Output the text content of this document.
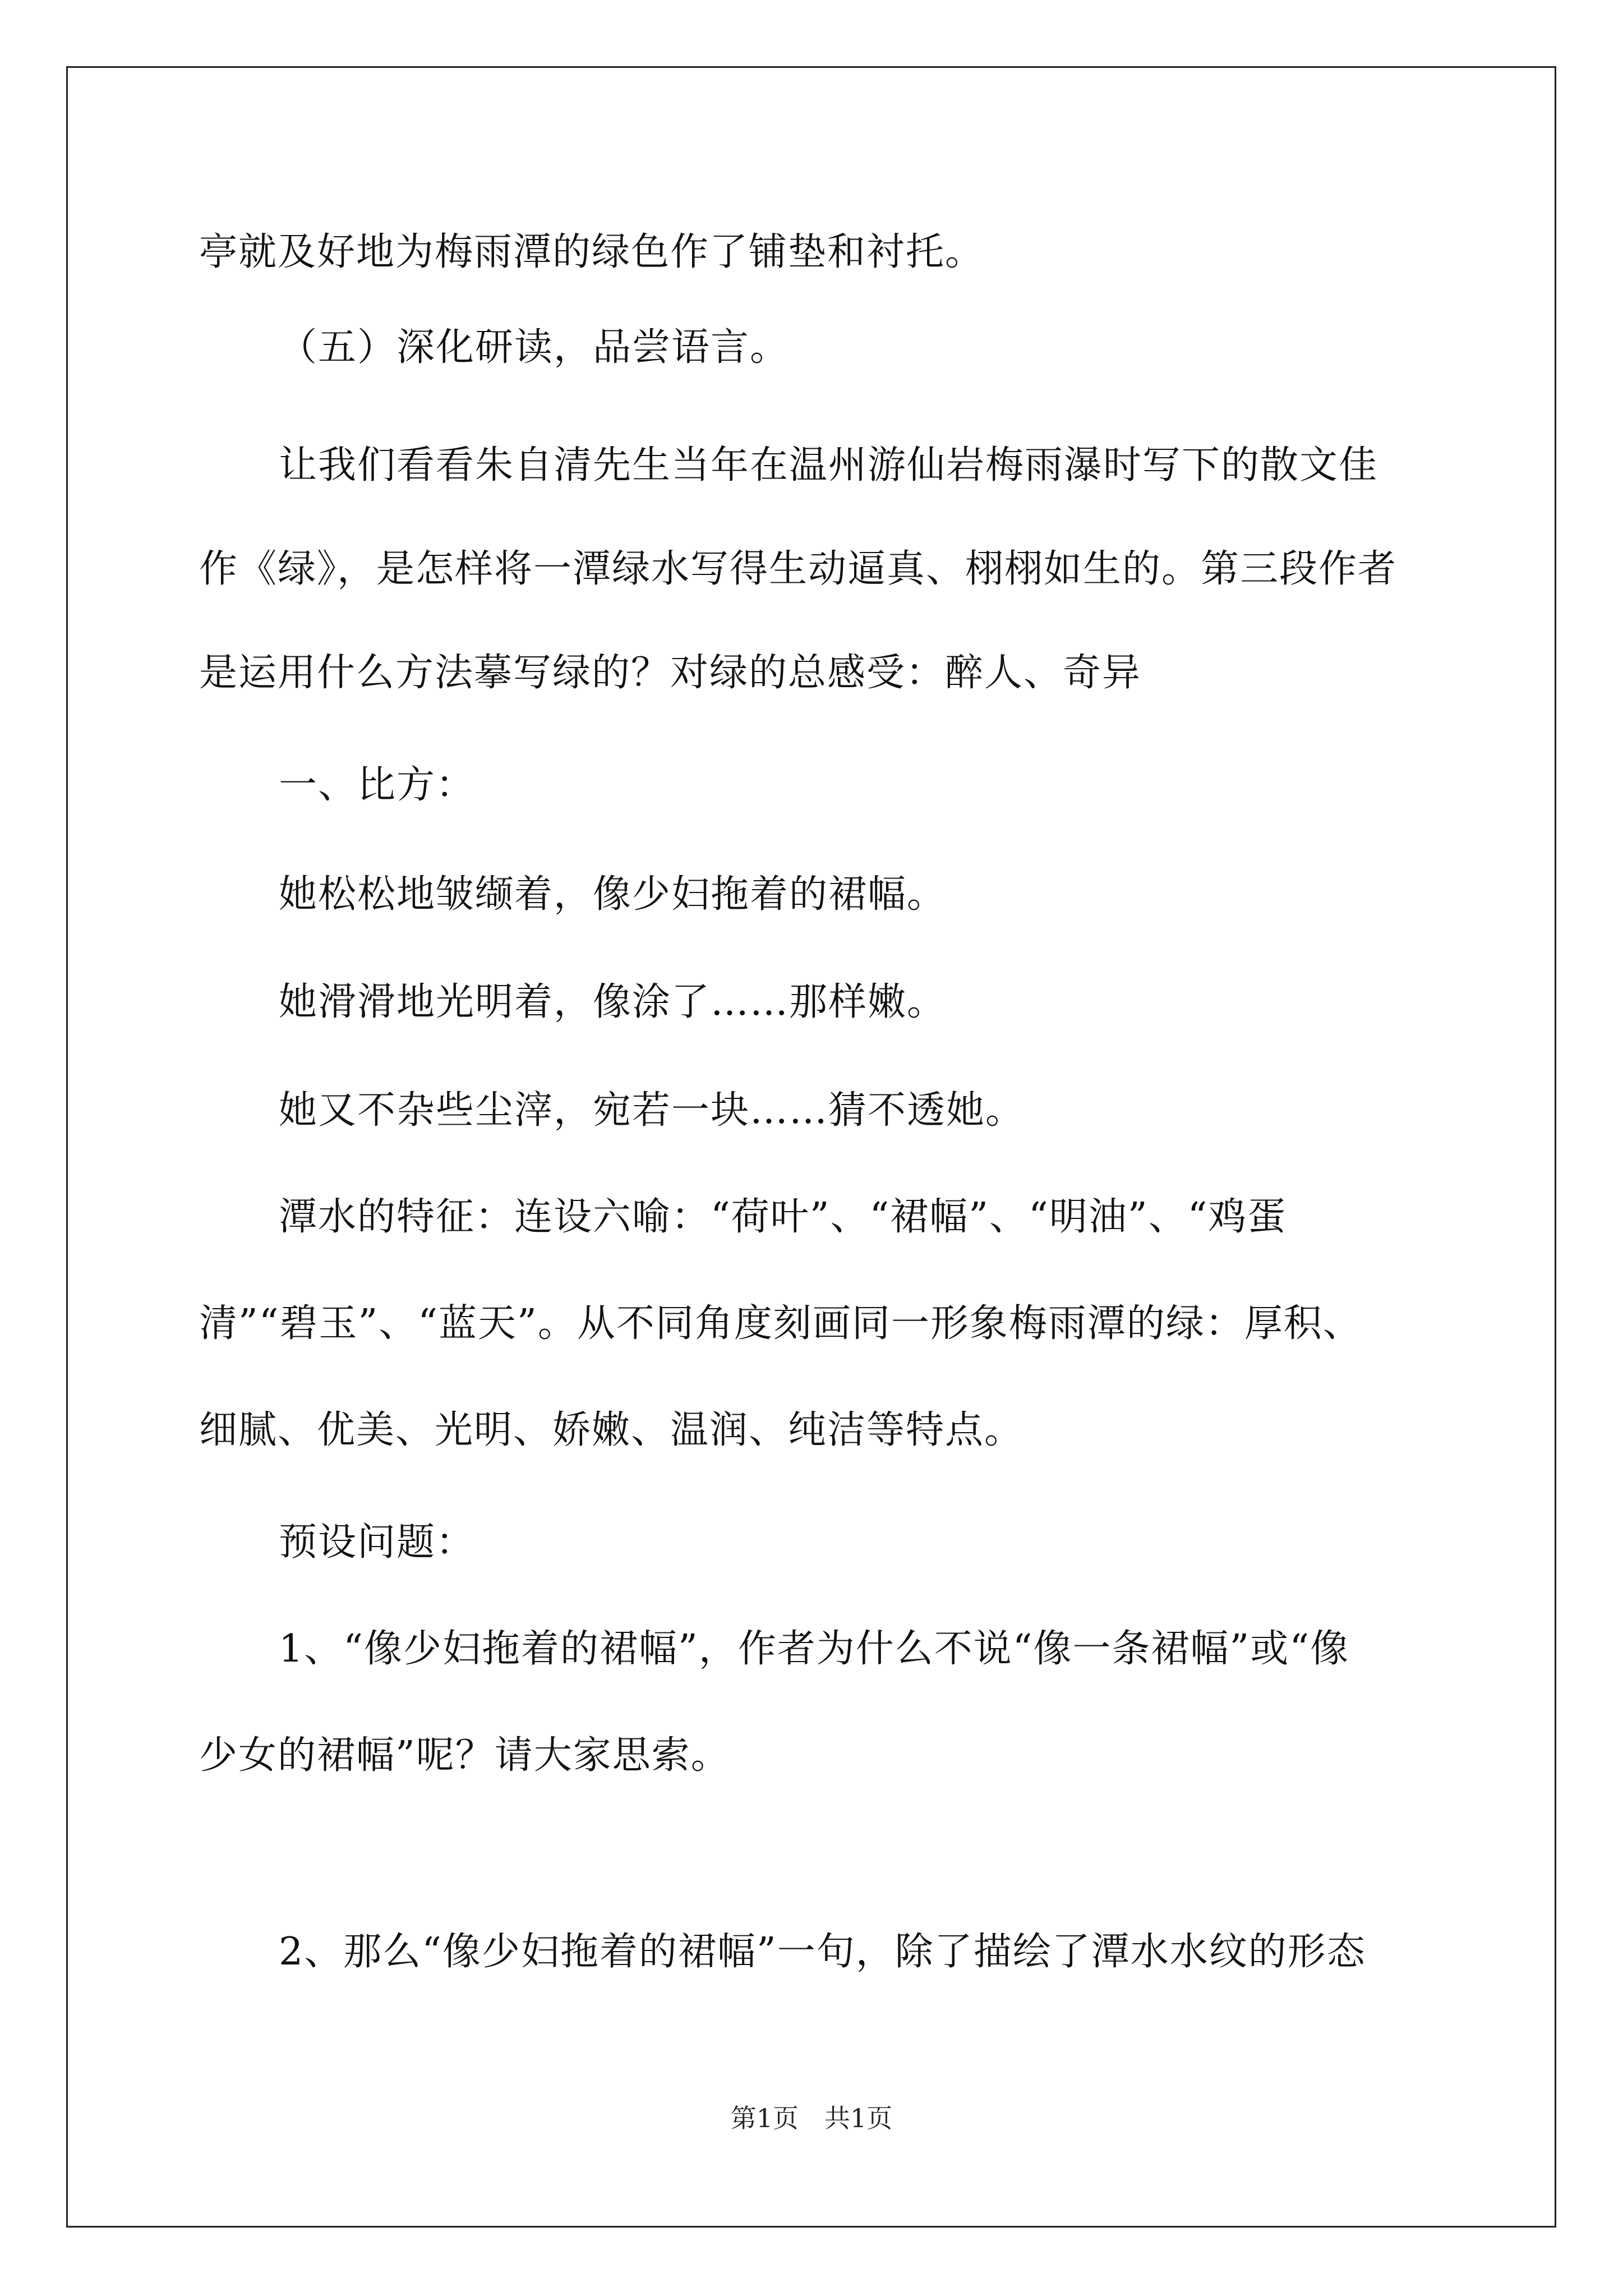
亭就及好地为梅雨潭的绿色作了铺垫和衬托。
（五）深化研读，品尝语言。
让我们看看朱自清先生当年在温州游仙岩梅雨瀑时写下的散文佳
作《绿》，是怎样将一潭绿水写得生动逼真、栩栩如生的。第三段作者
是运用什么方法摹写绿的？对绿的总感受：醉人、奇异
一、比方：
她松松地皱缬着，像少妇拖着的裙幅。
她滑滑地光明着，像涂了……那样嫩。
她又不杂些尘滓，宛若一块……猜不透她。
潭水的特征：连设六喻：“荷叶”、“裙幅”、“明油”、“鸡蛋
清”“碧玉”、“蓝天”。从不同角度刻画同一形象梅雨潭的绿：厚积、
细腻、优美、光明、娇嫩、温润、纯洁等特点。
预设问题：
1、“像少妇拖着的裙幅”，作者为什么不说“像一条裙幅”或“像
少女的裙幅”呢？请大家思索。
2、那么“像少妇拖着的裙幅”一句，除了描绘了潭水水纹的形态
第1页　共1页
